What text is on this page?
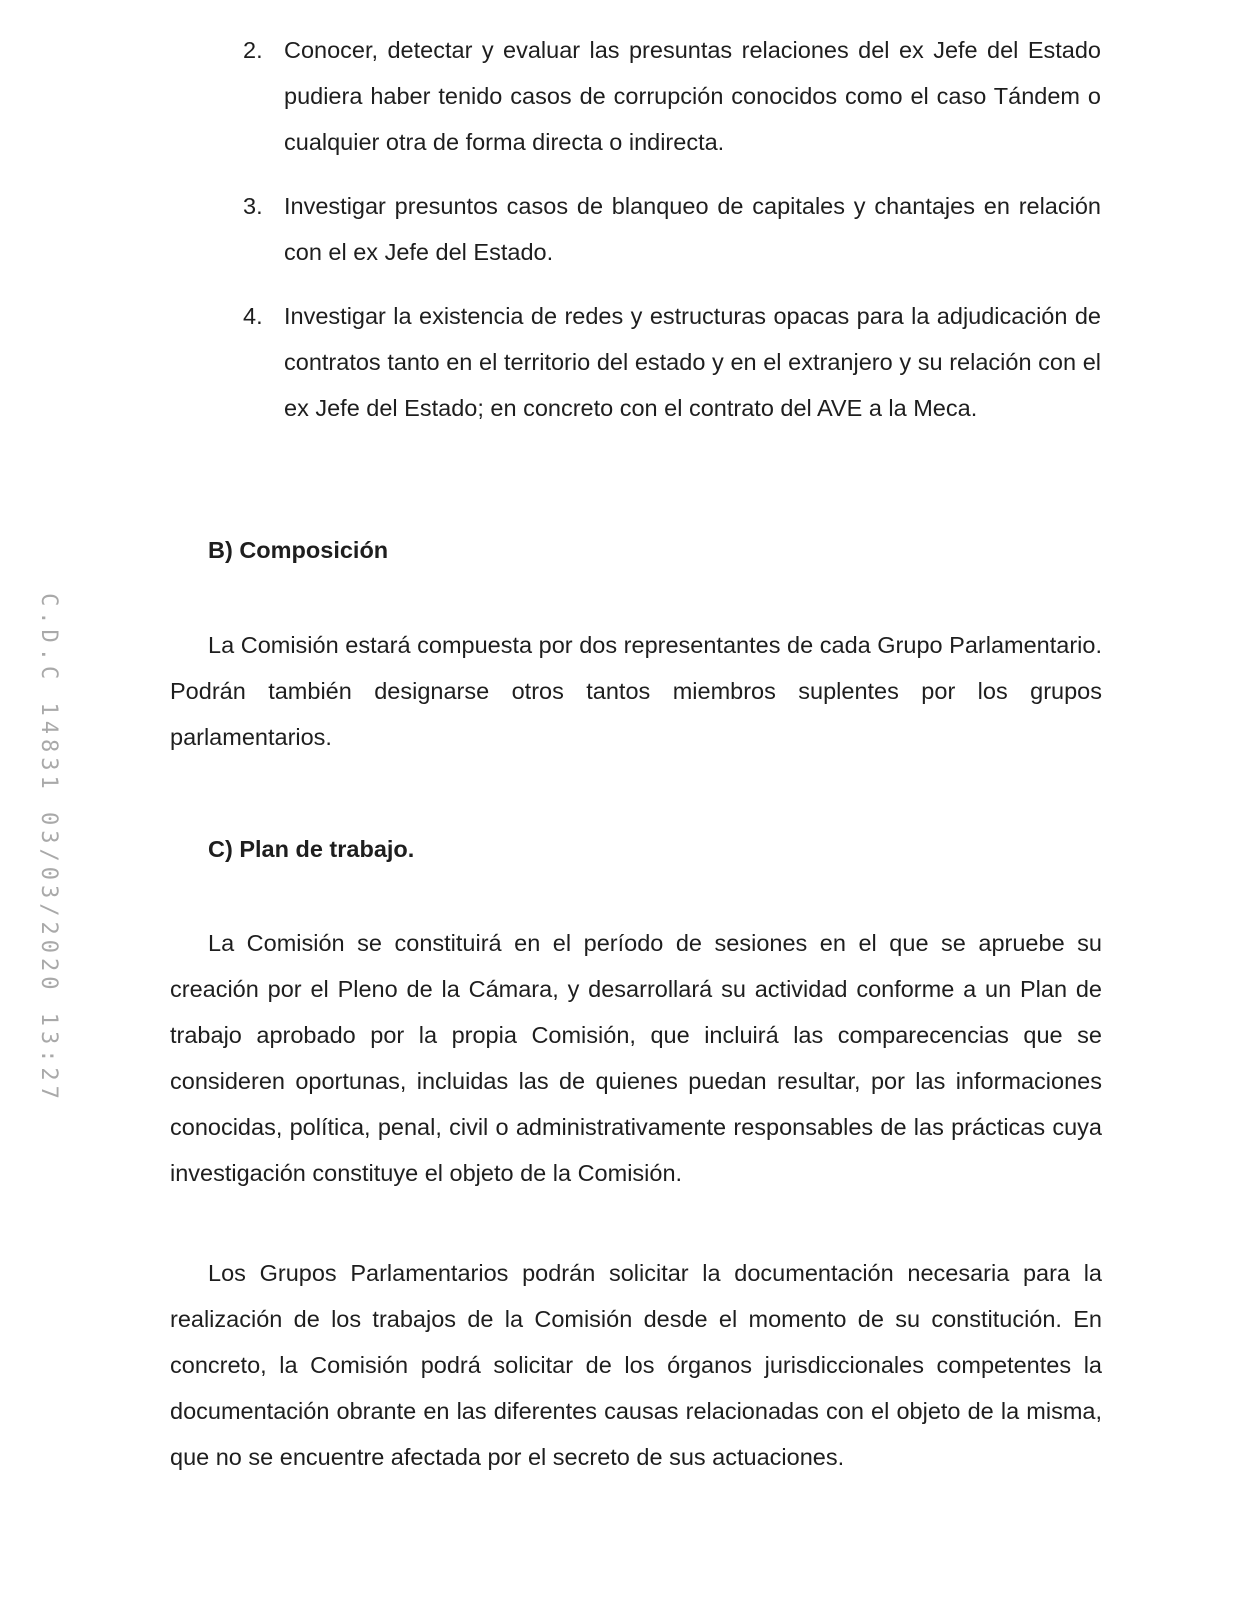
C.D.C 14831 03/03/2020 13:27
2. Conocer, detectar y evaluar las presuntas relaciones del ex Jefe del Estado pudiera haber tenido casos de corrupción conocidos como el caso Tándem o cualquier otra de forma directa o indirecta.
3. Investigar presuntos casos de blanqueo de capitales y chantajes en relación con el ex Jefe del Estado.
4. Investigar la existencia de redes y estructuras opacas para la adjudicación de contratos tanto en el territorio del estado y en el extranjero y su relación con el ex Jefe del Estado; en concreto con el contrato del AVE a la Meca.
B) Composición

La Comisión estará compuesta por dos representantes de cada Grupo Parlamentario. Podrán también designarse otros tantos miembros suplentes por los grupos parlamentarios.

C) Plan de trabajo.

La Comisión se constituirá en el período de sesiones en el que se apruebe su creación por el Pleno de la Cámara, y desarrollará su actividad conforme a un Plan de trabajo aprobado por la propia Comisión, que incluirá las comparecencias que se consideren oportunas, incluidas las de quienes puedan resultar, por las informaciones conocidas, política, penal, civil o administrativamente responsables de las prácticas cuya investigación constituye el objeto de la Comisión.

Los Grupos Parlamentarios podrán solicitar la documentación necesaria para la realización de los trabajos de la Comisión desde el momento de su constitución. En concreto, la Comisión podrá solicitar de los órganos jurisdiccionales competentes la documentación obrante en las diferentes causas relacionadas con el objeto de la misma, que no se encuentre afectada por el secreto de sus actuaciones.
